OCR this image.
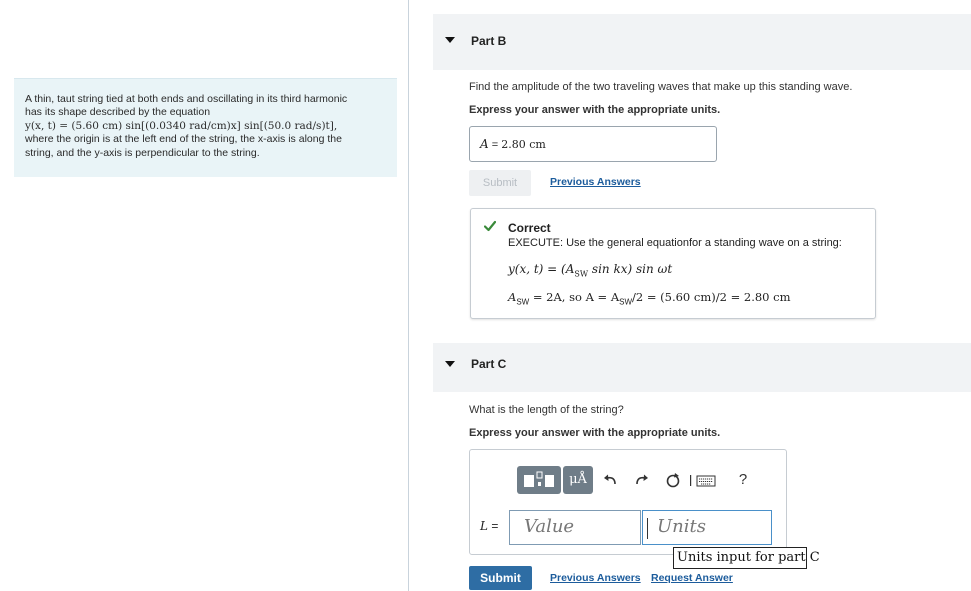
A thin, taut string tied at both ends and oscillating in its third harmonic
has its shape described by the equation
y(x, t) = (5.60 cm) sin[(0.0340 rad/cm)x] sin[(50.0 rad/s)t],
where the origin is at the left end of the string, the x-axis is along the
string, and the y-axis is perpendicular to the string.
Part B
Find the amplitude of the two traveling waves that make up this standing wave.
Express your answer with the appropriate units.
A = 2.80 cm
Submit	Previous Answers
Correct
EXECUTE: Use the general equationfor a standing wave on a string:
y(x, $t) = (A_{SW}$ sin kx) sin ωt
$A_{SW} = 2A$, so $A = A_{SW}/2 = (5.60$ cm)/2 = 2.80 cm
Part C
What is the length of the string?
Express your answer with the appropriate units.
μÅ	?
L =	Value	Units
Units input for part C
Submit	Previous Answers Request Answer
